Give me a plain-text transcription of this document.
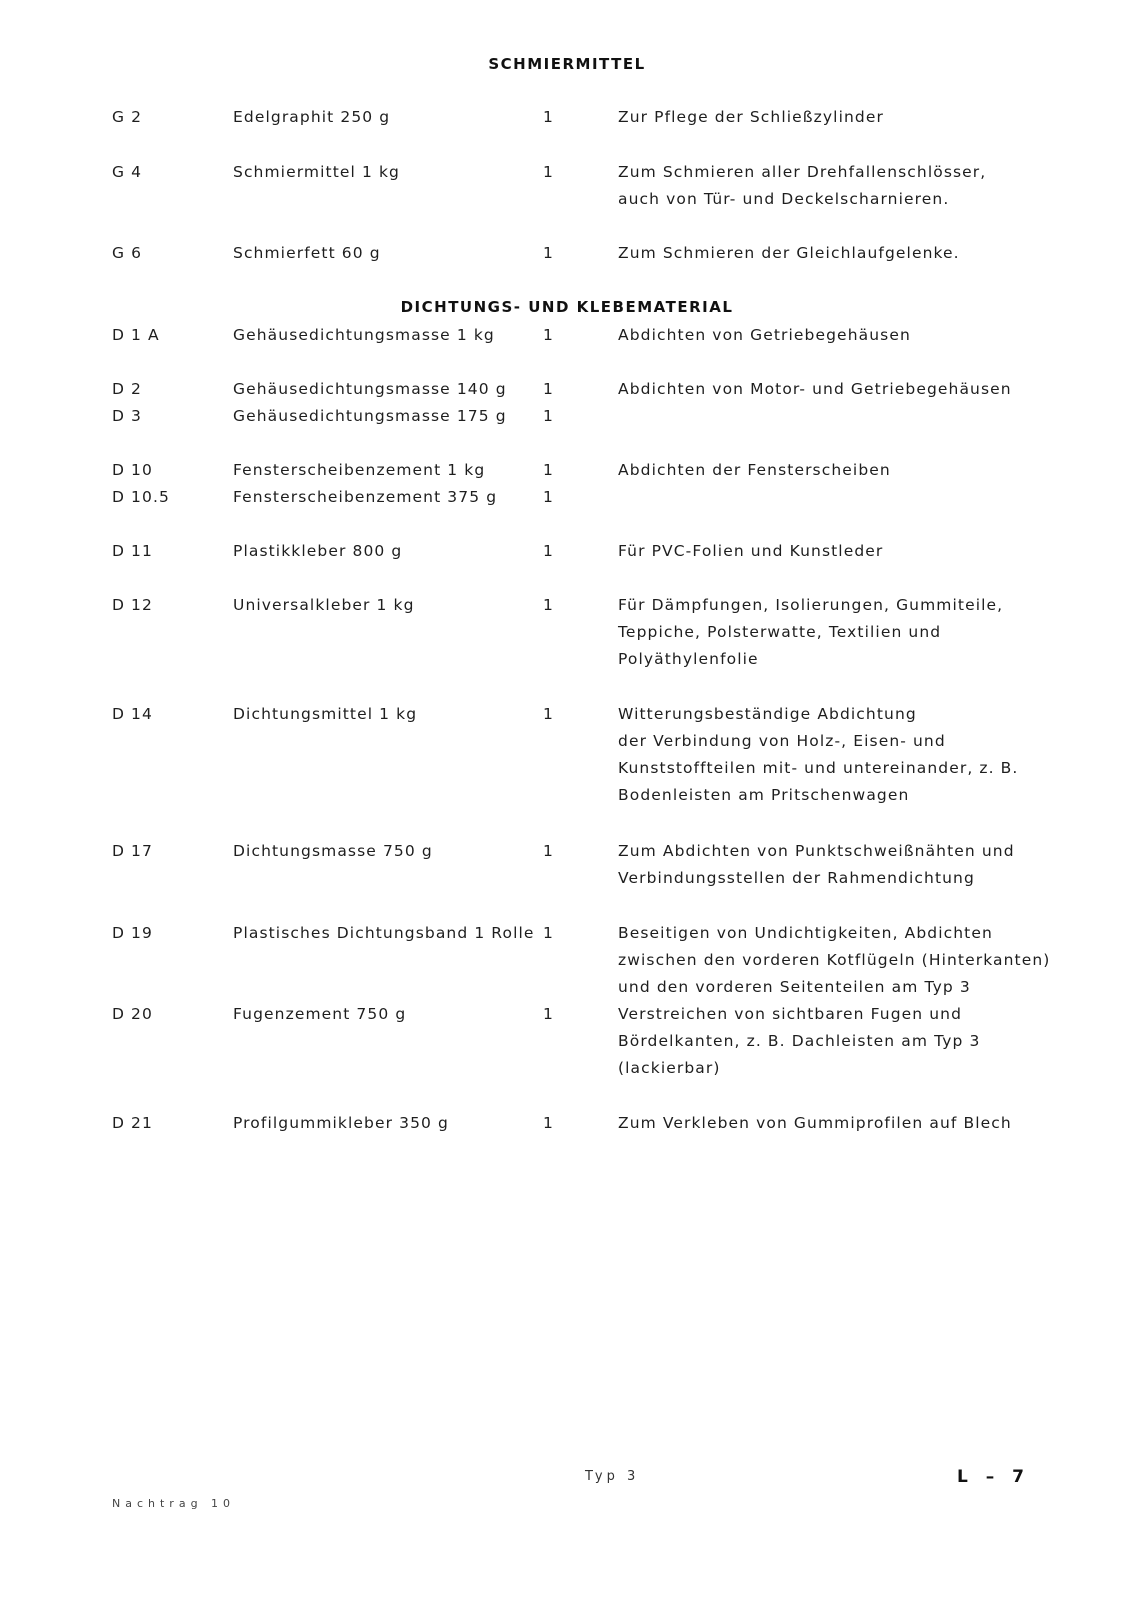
SCHMIERMITTEL
G 2	Edelgraphit 250 g	1	Zur Pflege der Schließzylinder
G 4	Schmiermittel 1 kg	1	Zum Schmieren aller Drehfallenschlösser,
auch von Tür- und Deckelscharnieren.
G 6	Schmierfett 60 g	1	Zum Schmieren der Gleichlaufgelenke.
DICHTUNGS- UND KLEBEMATERIAL
D 1 A	Gehäusedichtungsmasse 1 kg	1	Abdichten von Getriebegehäusen
D 2	Gehäusedichtungsmasse 140 g 1	Abdichten von Motor- und Getriebegehäusen
D 3	Gehäusedichtungsmasse 175 g 1
D 10	Fensterscheibenzement 1 kg	1	Abdichten der Fensterscheiben
D 10.5	Fensterscheibenzement 375 g	1
D 11	Plastikkleber 800 g	1	Für PVC-Folien und Kunstleder
D 12	Universalkleber 1 kg	1	Für Dämpfungen, Isolierungen, Gummiteile,
Teppiche, Polsterwatte, Textilien und
Polyäthylenfolie
D 14	Dichtungsmittel 1 kg	1	Witterungsbeständige Abdichtung
der Verbindung von Holz-, Eisen- und
Kunststoffteilen mit- und untereinander, z. B.
Bodenleisten am Pritschenwagen
D 17	Dichtungsmasse 750 g	1	Zum Abdichten von Punktschweißnähten und
Verbindungsstellen der Rahmendichtung
D 19	Plastisches Dichtungsband 1 Rolle 1	Beseitigen von Undichtigkeiten, Abdichten
zwischen den vorderen Kotflügeln (Hinterkanten)
und den vorderen Seitenteilen am Typ 3
D 20	Fugenzement 750 g	1	Verstreichen von sichtbaren Fugen und
Bördelkanten, z. B. Dachleisten am Typ 3
(lackierbar)
D 21	Profilgummikleber 350 g	1	Zum Verkleben von Gummiprofilen auf Blech
Typ 3	L – 7
Nachtrag 10
